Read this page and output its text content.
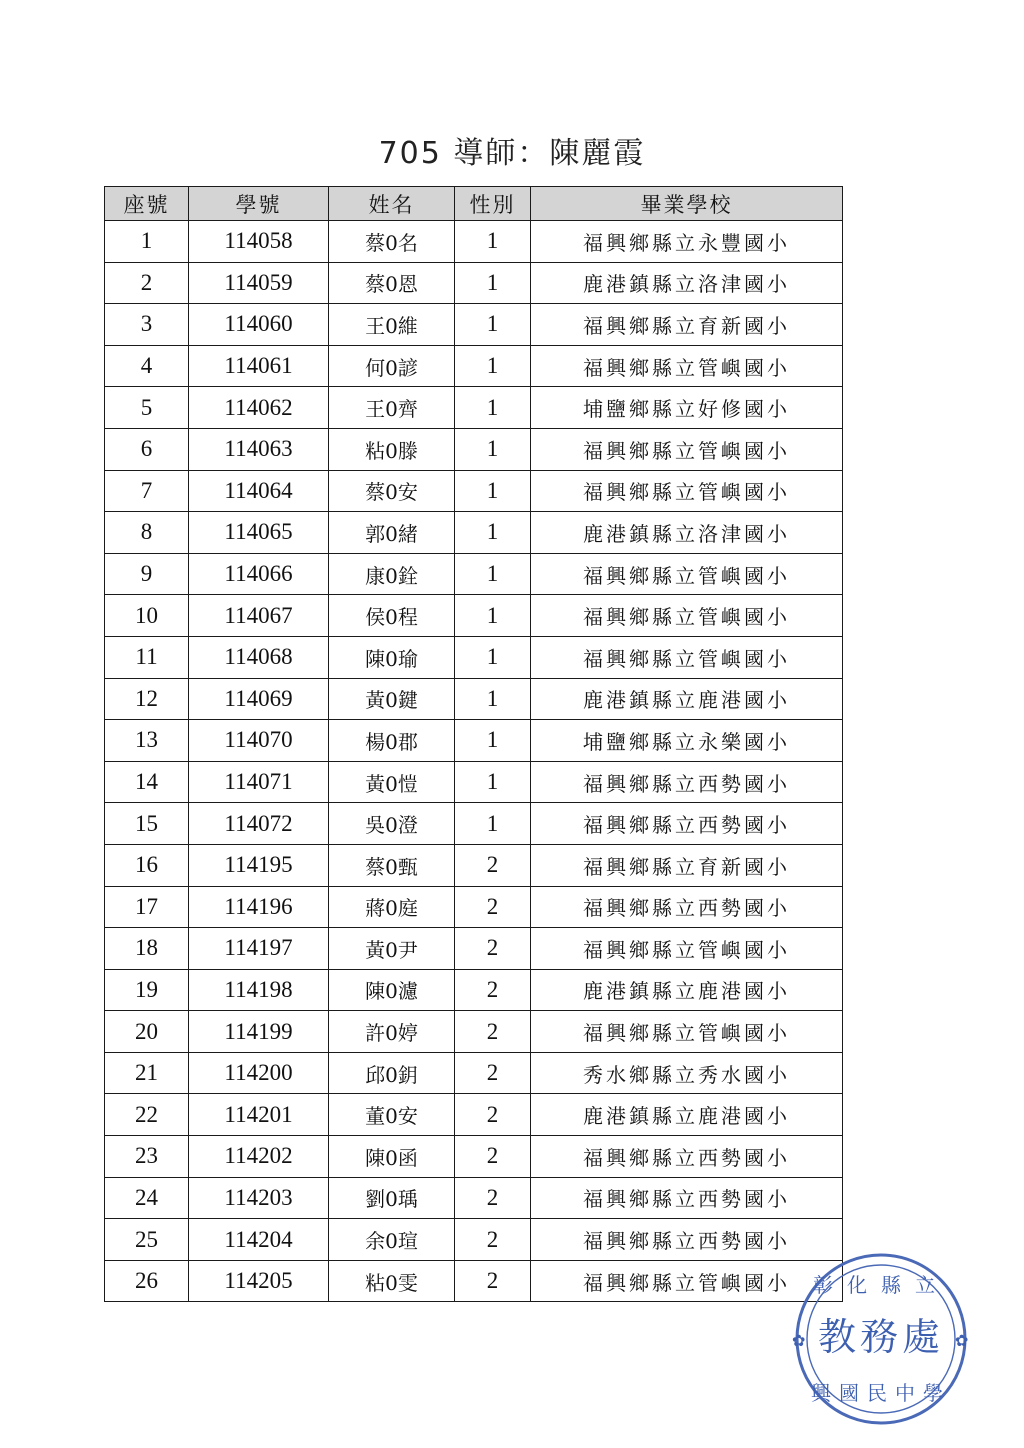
705 導師：陳麗霞
座號	學號	姓名	性別	畢業學校
1	114058	蔡0名	1	福興鄉縣立永豐國小
2	114059	蔡0恩	1	鹿港鎮縣立洛津國小
3	114060	王0維	1	福興鄉縣立育新國小
4	114061	何0諺	1	福興鄉縣立管嶼國小
5	114062	王0齊	1	埔鹽鄉縣立好修國小
6	114063	粘0滕	1	福興鄉縣立管嶼國小
7	114064	蔡0安	1	福興鄉縣立管嶼國小
8	114065	郭0緒	1	鹿港鎮縣立洛津國小
9	114066	康0銓	1	福興鄉縣立管嶼國小
10	114067	侯0程	1	福興鄉縣立管嶼國小
11	114068	陳0瑜	1	福興鄉縣立管嶼國小
12	114069	黃0鍵	1	鹿港鎮縣立鹿港國小
13	114070	楊0郡	1	埔鹽鄉縣立永樂國小
14	114071	黃0愷	1	福興鄉縣立西勢國小
15	114072	吳0澄	1	福興鄉縣立西勢國小
16	114195	蔡0甄	2	福興鄉縣立育新國小
17	114196	蔣0庭	2	福興鄉縣立西勢國小
18	114197	黃0尹	2	福興鄉縣立管嶼國小
19	114198	陳0濾	2	鹿港鎮縣立鹿港國小
20	114199	許0婷	2	福興鄉縣立管嶼國小
21	114200	邱0鈅	2	秀水鄉縣立秀水國小
22	114201	董0安	2	鹿港鎮縣立鹿港國小
23	114202	陳0函	2	福興鄉縣立西勢國小
24	114203	劉0瑀	2	福興鄉縣立西勢國小
25	114204	余0瑄	2	福興鄉縣立西勢國小
26	114205	粘0雯	2	福興鄉縣立管嶼國小 彰化縣立
教務處
興國民中學
✿	✿
